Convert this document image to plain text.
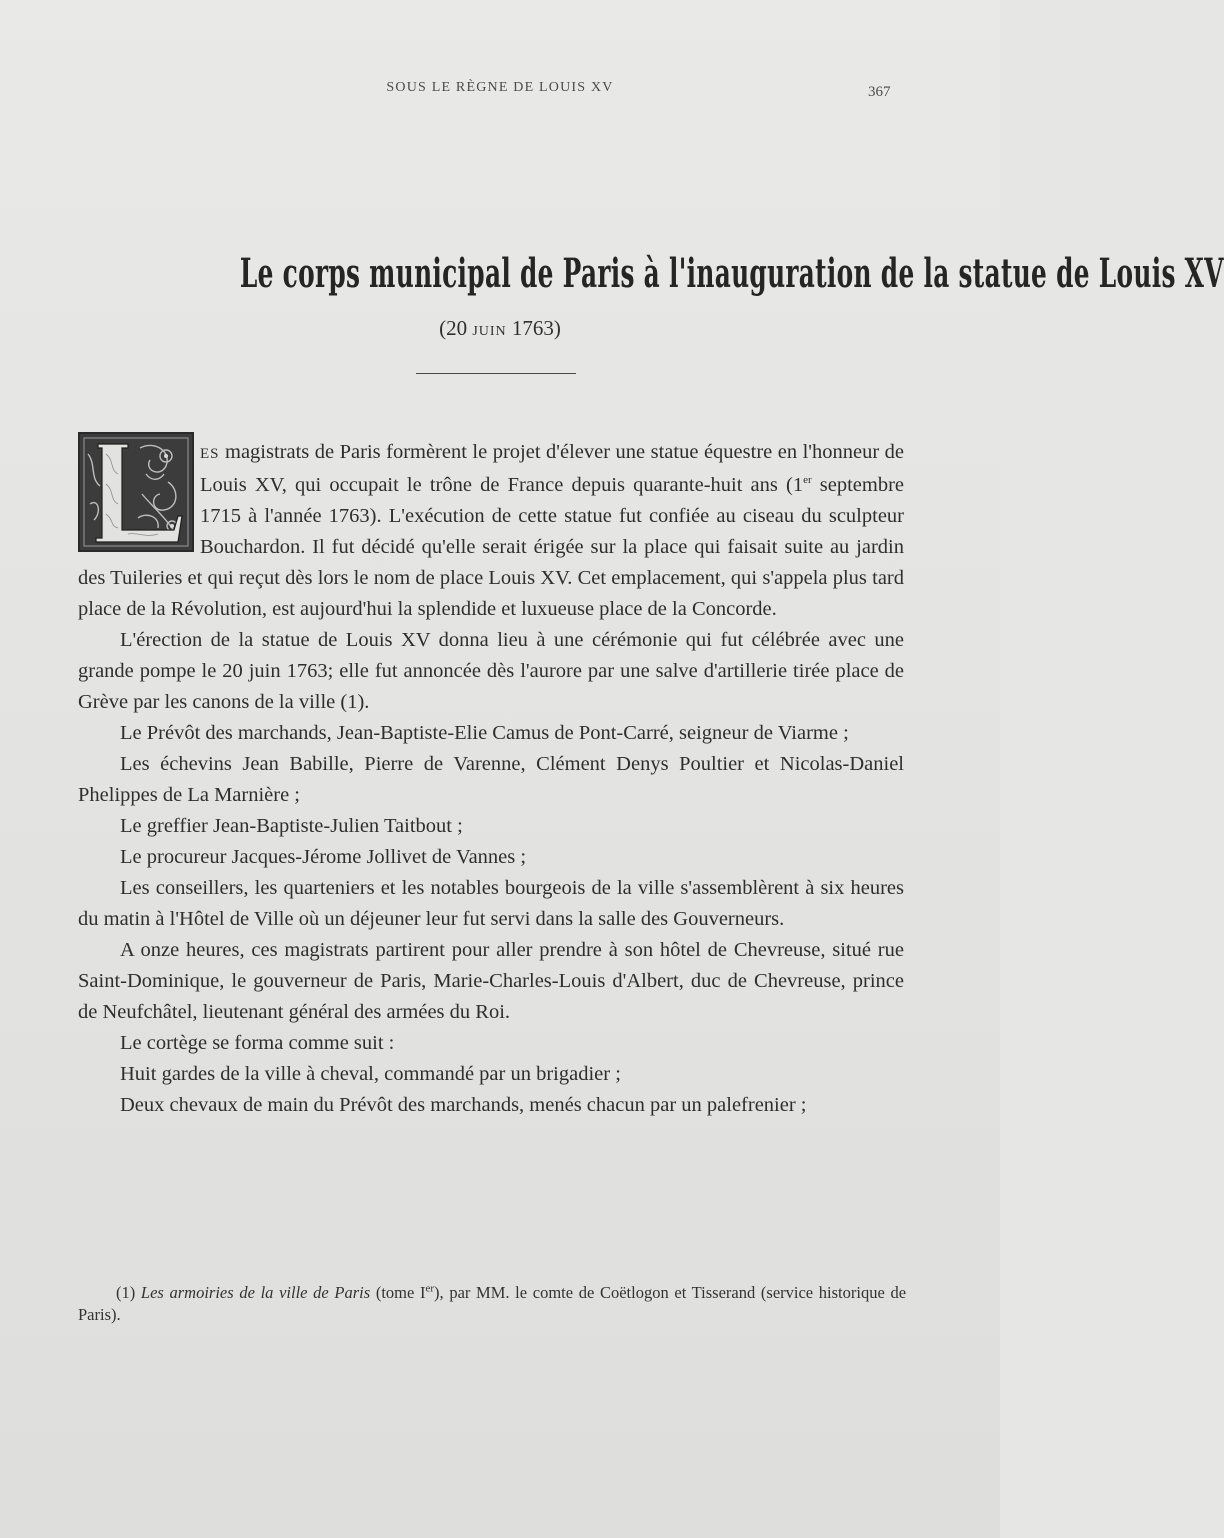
SOUS LE RÈGNE DE LOUIS XV	367
Le corps municipal de Paris à l'inauguration de la statue de Louis XV
(20 JUIN 1763)

ES magistrats de Paris formèrent le projet d'élever une statue équestre en l'honneur de Louis XV, qui occupait le trône de France depuis quarante-huit ans (1er septembre 1715 à l'année 1763). L'exécution de cette statue fut confiée au ciseau du sculpteur Bouchardon. Il fut décidé qu'elle serait érigée sur la place qui faisait suite au jardin des Tuileries et qui reçut dès lors le nom de place Louis XV. Cet emplacement, qui s'appela plus tard place de la Révolution, est aujourd'hui la splendide et luxueuse place de la Concorde.

L'érection de la statue de Louis XV donna lieu à une cérémonie qui fut célébrée avec une grande pompe le 20 juin 1763; elle fut annoncée dès l'aurore par une salve d'artillerie tirée place de Grève par les canons de la ville (1).

Le Prévôt des marchands, Jean-Baptiste-Elie Camus de Pont-Carré, seigneur de Viarme ;

Les échevins Jean Babille, Pierre de Varenne, Clément Denys Poultier et Nicolas-Daniel Phelippes de La Marnière ;

Le greffier Jean-Baptiste-Julien Taitbout ;

Le procureur Jacques-Jérome Jollivet de Vannes ;

Les conseillers, les quarteniers et les notables bourgeois de la ville s'assemblèrent à six heures du matin à l'Hôtel de Ville où un déjeuner leur fut servi dans la salle des Gouverneurs.

A onze heures, ces magistrats partirent pour aller prendre à son hôtel de Chevreuse, situé rue Saint-Dominique, le gouverneur de Paris, Marie-Charles-Louis d'Albert, duc de Chevreuse, prince de Neufchâtel, lieutenant général des armées du Roi.

Le cortège se forma comme suit :

Huit gardes de la ville à cheval, commandé par un brigadier ;

Deux chevaux de main du Prévôt des marchands, menés chacun par un palefrenier ;

(1) Les armoiries de la ville de Paris (tome Ier), par MM. le comte de Coëtlogon et Tisserand (service historique de Paris).
